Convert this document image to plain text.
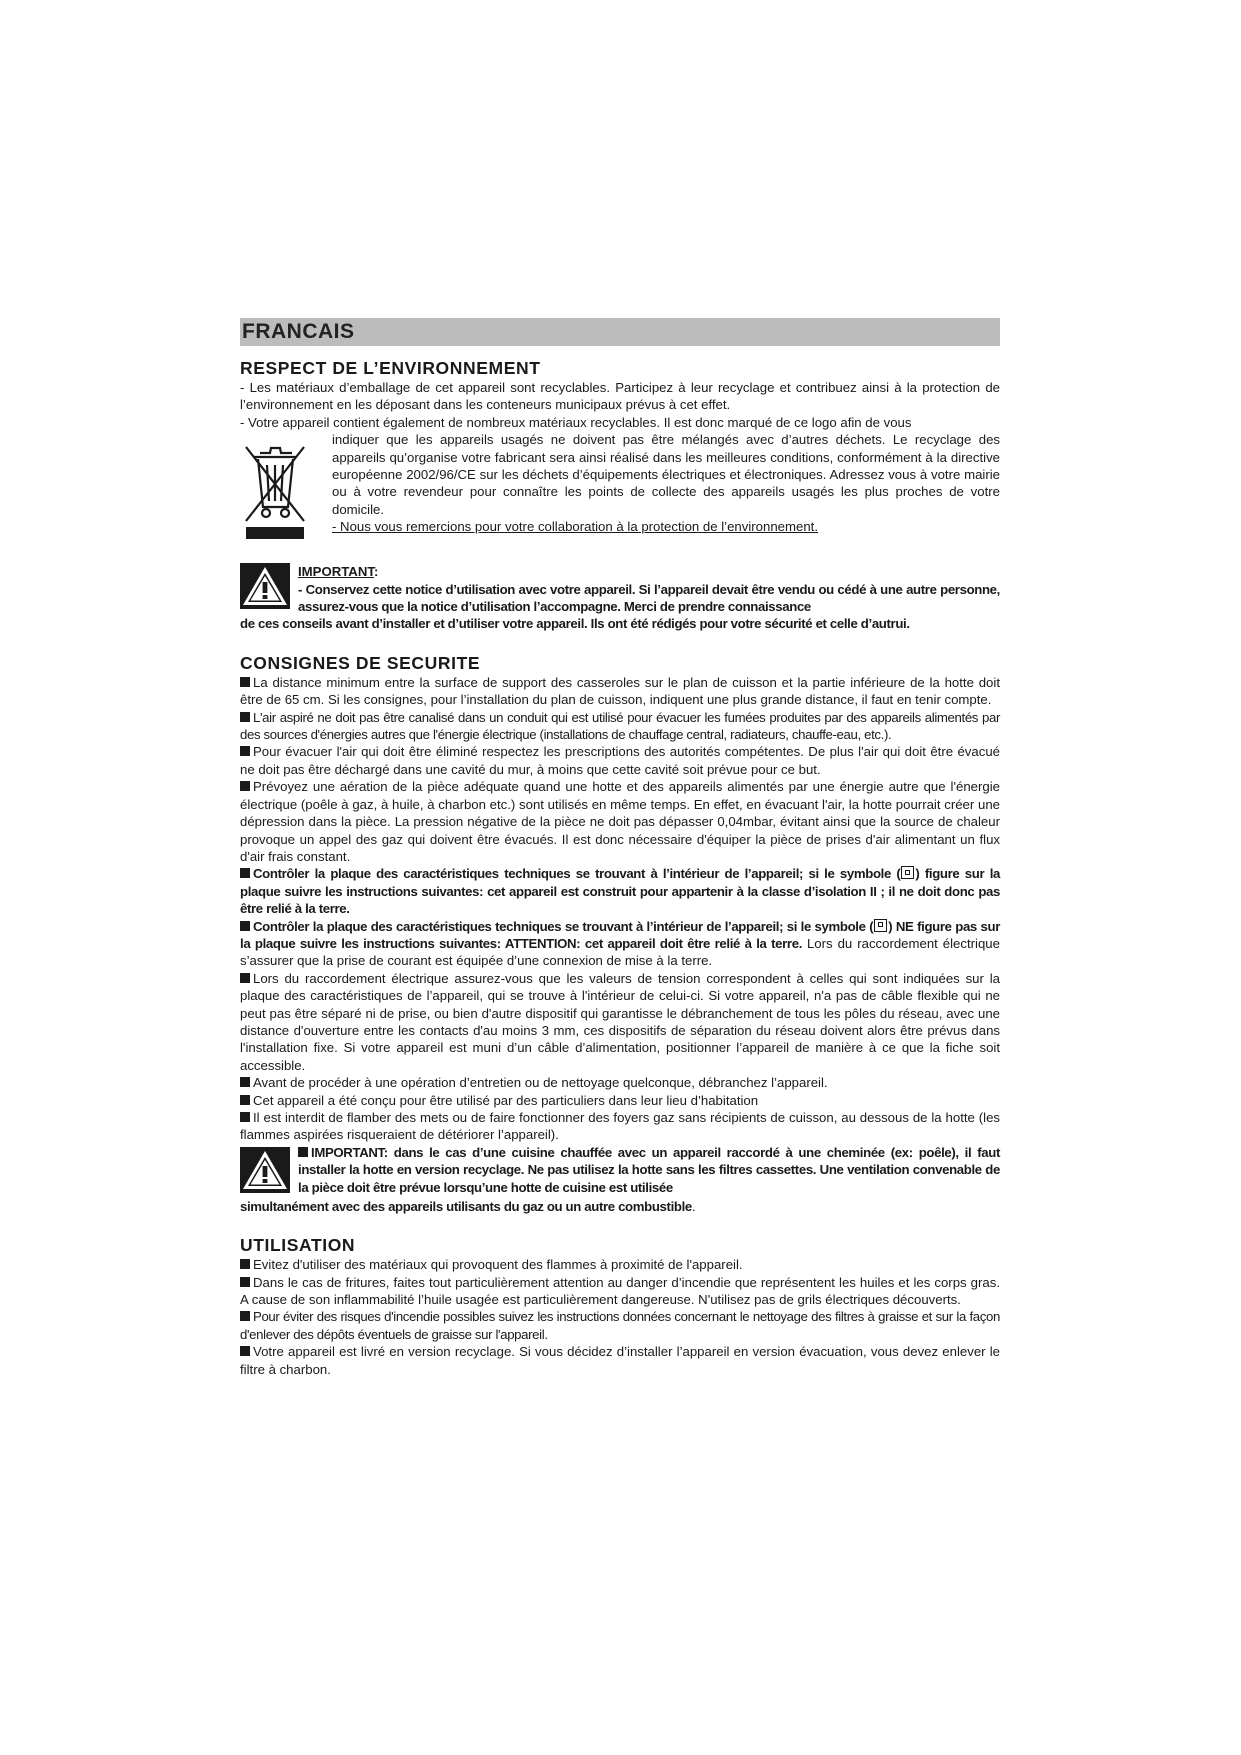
FRANCAIS
RESPECT DE L’ENVIRONNEMENT

- Les matériaux d’emballage de cet appareil sont recyclables. Participez à leur recyclage et contribuez ainsi à la protection de l’environnement en les déposant dans les conteneurs municipaux prévus à cet effet.

- Votre appareil contient également de nombreux matériaux recyclables. Il est donc marqué de ce logo afin de vous

indiquer que les appareils usagés ne doivent pas être mélangés avec d’autres déchets. Le recyclage des appareils qu’organise votre fabricant sera ainsi réalisé dans les meilleures conditions, conformément à la directive européenne 2002/96/CE sur les déchets d’équipements électriques et électroniques. Adressez vous à votre mairie ou à votre revendeur pour connaître les points de collecte des appareils usagés les plus proches de votre domicile.

- Nous vous remercions pour votre collaboration à la protection de l’environnement.

IMPORTANT:

- Conservez cette notice d’utilisation avec votre appareil. Si l’appareil devait être vendu ou cédé à une autre personne, assurez-vous que la notice d’utilisation l’accompagne. Merci de prendre connaissance

de ces conseils avant d’installer et d’utiliser votre appareil. Ils ont été rédigés pour votre sécurité et celle d’autrui.

CONSIGNES DE SECURITE

La distance minimum entre la surface de support des casseroles sur le plan de cuisson et la partie inférieure de la hotte doit être de 65 cm. Si les consignes, pour l’installation du plan de cuisson, indiquent une plus grande distance, il faut en tenir compte.

L'air aspiré ne doit pas être canalisé dans un conduit qui est utilisé pour évacuer les fumées produites par des appareils alimentés par des sources d'énergies autres que l'énergie électrique (installations de chauffage central, radiateurs, chauffe-eau, etc.).

Pour évacuer l'air qui doit être éliminé respectez les prescriptions des autorités compétentes. De plus l'air qui doit être évacué ne doit pas être déchargé dans une cavité du mur, à moins que cette cavité soit prévue pour ce but.

Prévoyez une aération de la pièce adéquate quand une hotte et des appareils alimentés par une énergie autre que l'énergie électrique (poêle à gaz, à huile, à charbon etc.) sont utilisés en même temps. En effet, en évacuant l'air, la hotte pourrait créer une dépression dans la pièce. La pression négative de la pièce ne doit pas dépasser 0,04mbar, évitant ainsi que la source de chaleur provoque un appel des gaz qui doivent être évacués. Il est donc nécessaire d'équiper la pièce de prises d'air alimentant un flux d'air frais constant.

Contrôler la plaque des caractéristiques techniques se trouvant à l’intérieur de l’appareil; si le symbole ( ) figure sur la plaque suivre les instructions suivantes: cet appareil est construit pour appartenir à la classe d’isolation II ; il ne doit donc pas être relié à la terre.

Contrôler la plaque des caractéristiques techniques se trouvant à l’intérieur de l’appareil; si le symbole ( ) NE figure pas sur la plaque suivre les instructions suivantes: ATTENTION: cet appareil doit être relié à la terre. Lors du raccordement électrique s’assurer que la prise de courant est équipée d’une connexion de mise à la terre.

Lors du raccordement électrique assurez-vous que les valeurs de tension correspondent à celles qui sont indiquées sur la plaque des caractéristiques de l’appareil, qui se trouve à l'intérieur de celui-ci. Si votre appareil, n'a pas de câble flexible qui ne peut pas être séparé ni de prise, ou bien d'autre dispositif qui garantisse le débranchement de tous les pôles du réseau, avec une distance d'ouverture entre les contacts d'au moins 3 mm, ces dispositifs de séparation du réseau doivent alors être prévus dans l'installation fixe. Si votre appareil est muni d’un câble d’alimentation, positionner l’appareil de manière à ce que la fiche soit accessible.

Avant de procéder à une opération d’entretien ou de nettoyage quelconque, débranchez l’appareil.

Cet appareil a été conçu pour être utilisé par des particuliers dans leur lieu d’habitation

Il est interdit de flamber des mets ou de faire fonctionner des foyers gaz sans récipients de cuisson, au dessous de la hotte (les flammes aspirées risqueraient de détériorer l’appareil).

IMPORTANT: dans le cas d’une cuisine chauffée avec un appareil raccordé à une cheminée (ex: poêle), il faut installer la hotte en version recyclage. Ne pas utilisez la hotte sans les filtres cassettes. Une ventilation convenable de la pièce doit être prévue lorsqu’une hotte de cuisine est utilisée

simultanément avec des appareils utilisants du gaz ou un autre combustible.

UTILISATION

Evitez d'utiliser des matériaux qui provoquent des flammes à proximité de l'appareil.

Dans le cas de fritures, faites tout particulièrement attention au danger d’incendie que représentent les huiles et les corps gras. A cause de son inflammabilité l’huile usagée est particulièrement dangereuse. N'utilisez pas de grils électriques découverts.

Pour éviter des risques d'incendie possibles suivez les instructions données concernant le nettoyage des filtres à graisse et sur la façon d'enlever des dépôts éventuels de graisse sur l'appareil.

Votre appareil est livré en version recyclage. Si vous décidez d’installer l’appareil en version évacuation, vous devez enlever le filtre à charbon.
